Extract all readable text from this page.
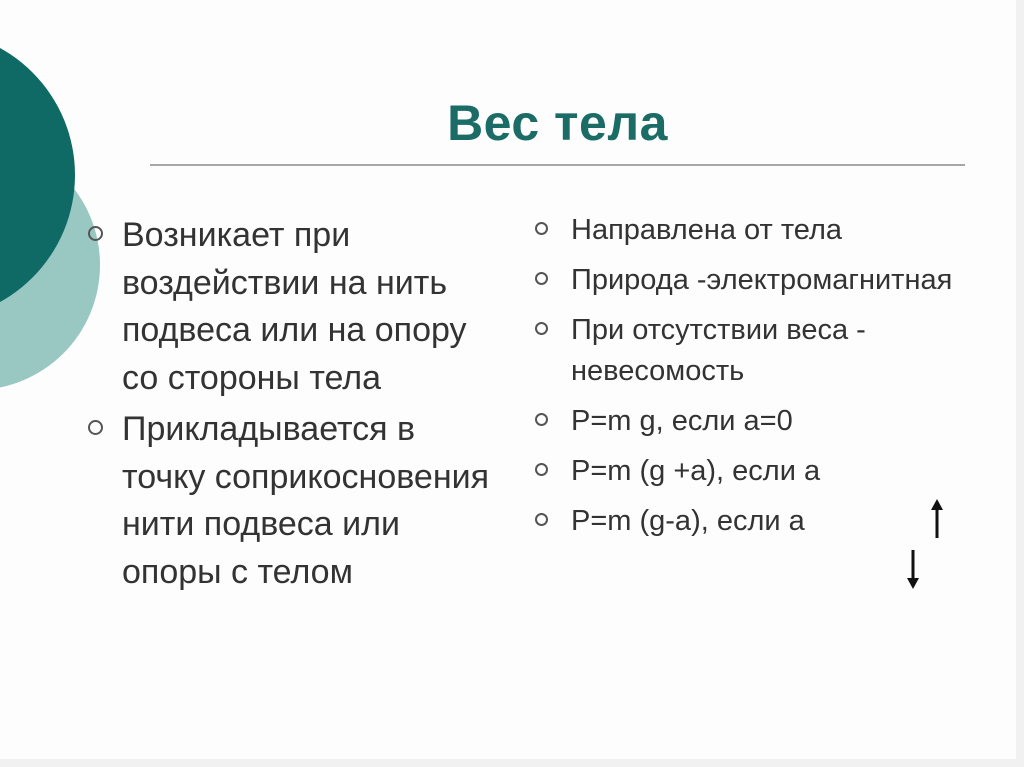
Вес тела
Возникает при воздействии на нить подвеса или на опору со стороны тела
Прикладывается в точку соприкосновения нити подвеса или опоры с телом
Направлена от тела
Природа -электромагнитная
При отсутствии веса - невесомость
P=m g, если a=0
P=m (g +a), если a
P=m (g-a), если a
